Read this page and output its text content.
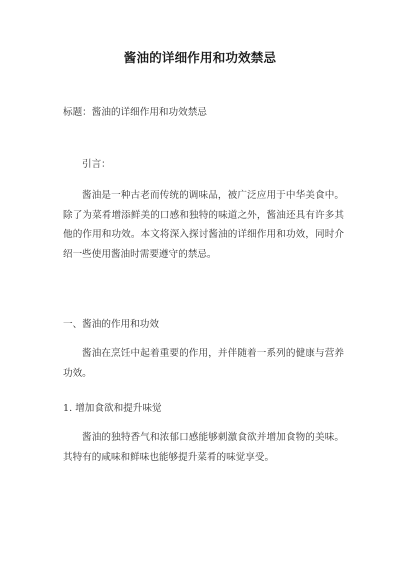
酱油的详细作用和功效禁忌
标题：酱油的详细作用和功效禁忌
引言：
酱油是一种古老而传统的调味品，被广泛应用于中华美食中。除了为菜肴增添鲜美的口感和独特的味道之外，酱油还具有许多其他的作用和功效。本文将深入探讨酱油的详细作用和功效，同时介绍一些使用酱油时需要遵守的禁忌。
一、酱油的作用和功效
酱油在烹饪中起着重要的作用，并伴随着一系列的健康与营养功效。
1. 增加食欲和提升味觉
酱油的独特香气和浓郁口感能够刺激食欲并增加食物的美味。其特有的咸味和鲜味也能够提升菜肴的味觉享受。
